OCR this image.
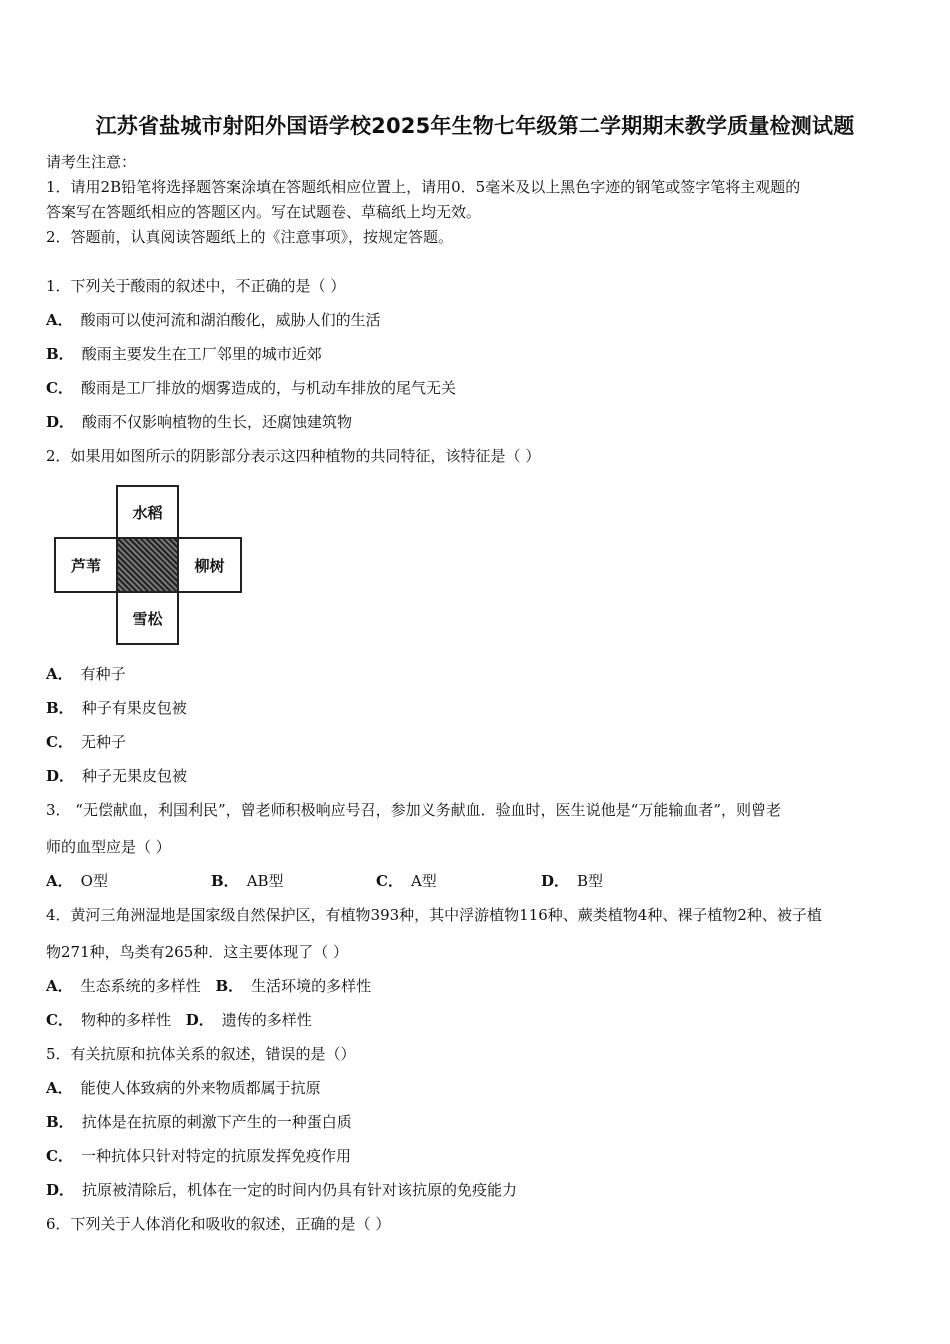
江苏省盐城市射阳外国语学校2025年生物七年级第二学期期末教学质量检测试题
请考生注意：
1．请用2B铅笔将选择题答案涂填在答题纸相应位置上，请用0．5毫米及以上黑色字迹的钢笔或签字笔将主观题的
答案写在答题纸相应的答题区内。写在试题卷、草稿纸上均无效。
2．答题前，认真阅读答题纸上的《注意事项》，按规定答题。
1．下列关于酸雨的叙述中，不正确的是（ ）
A． 酸雨可以使河流和湖泊酸化，威胁人们的生活
B． 酸雨主要发生在工厂邻里的城市近郊
C． 酸雨是工厂排放的烟雾造成的，与机动车排放的尾气无关
D． 酸雨不仅影响植物的生长，还腐蚀建筑物
2．如果用如图所示的阴影部分表示这四种植物的共同特征，该特征是（ ）
水稻
芦苇	柳树
雪松
A． 有种子
B． 种子有果皮包被
C． 无种子
D． 种子无果皮包被
3． “无偿献血，利国利民”，曾老师积极响应号召，参加义务献血．验血时，医生说他是“万能输血者”，则曾老
师的血型应是（ ）
A． O型	B． AB型	C． A型	D． B型
4．黄河三角洲湿地是国家级自然保护区，有植物393种，其中浮游植物116种、蕨类植物4种、裸子植物2种、被子植
物271种，鸟类有265种．这主要体现了（ ）
A． 生态系统的多样性 B． 生活环境的多样性
C． 物种的多样性 D． 遗传的多样性
5．有关抗原和抗体关系的叙述，错误的是（）
A． 能使人体致病的外来物质都属于抗原
B． 抗体是在抗原的刺激下产生的一种蛋白质
C． 一种抗体只针对特定的抗原发挥免疫作用
D． 抗原被清除后，机体在一定的时间内仍具有针对该抗原的免疫能力
6．下列关于人体消化和吸收的叙述，正确的是（ ）
